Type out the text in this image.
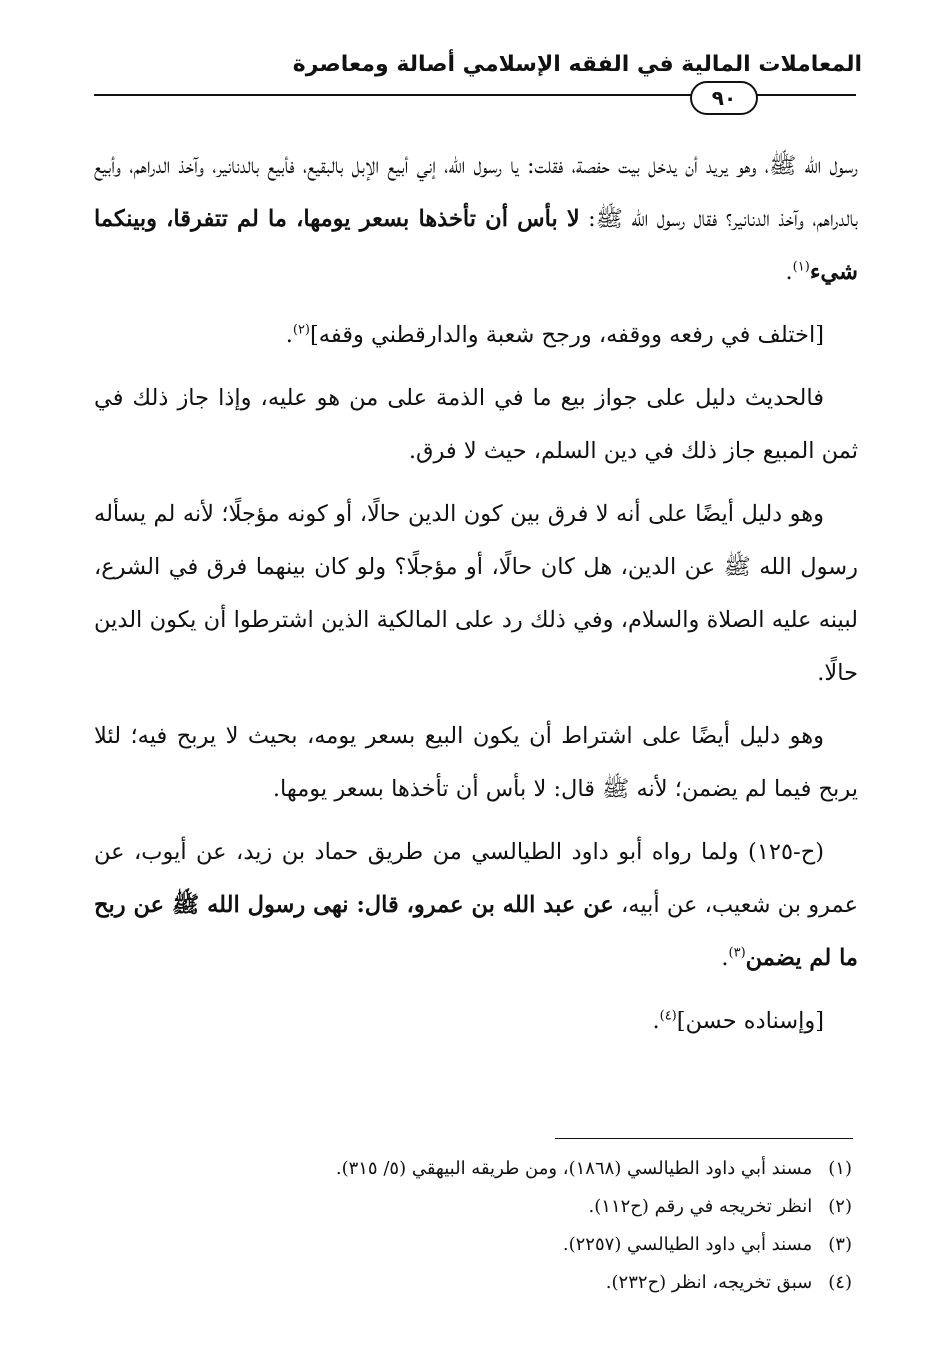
المعاملات المالية في الفقه الإسلامي أصالة ومعاصرة
٩٠

رسول الله ﷺ، وهو يريد أن يدخل بيت حفصة، فقلت: يا رسول الله، إني أبيع الإبل بالبقيع، فأبيع بالدنانير، وآخذ الدراهم، وأبيع بالدراهم، وآخذ الدنانير؟ فقال رسول الله ﷺ: لا بأس أن تأخذها بسعر يومها، ما لم تتفرقا، وبينكما شيء$^{(١)}$.

[اختلف في رفعه ووقفه، ورجح شعبة والدارقطني وقفه]$^{(٢)}$.

فالحديث دليل على جواز بيع ما في الذمة على من هو عليه، وإذا جاز ذلك في ثمن المبيع جاز ذلك في دين السلم، حيث لا فرق.

وهو دليل أيضًا على أنه لا فرق بين كون الدين حالًا، أو كونه مؤجلًا؛ لأنه لم يسأله رسول الله ﷺ عن الدين، هل كان حالًا، أو مؤجلًا؟ ولو كان بينهما فرق في الشرع، لبينه عليه الصلاة والسلام، وفي ذلك رد على المالكية الذين اشترطوا أن يكون الدين حالًا.

وهو دليل أيضًا على اشتراط أن يكون البيع بسعر يومه، بحيث لا يربح فيه؛ لئلا يربح فيما لم يضمن؛ لأنه ﷺ قال: لا بأس أن تأخذها بسعر يومها.

(ح-١٢٥) ولما رواه أبو داود الطيالسي من طريق حماد بن زيد، عن أيوب، عن عمرو بن شعيب، عن أبيه، عن عبد الله بن عمرو، قال: نهى رسول الله ﷺ عن ربح ما لم يضمن$^{(٣)}$.

[وإسناده حسن]$^{(٤)}$.

(١) مسند أبي داود الطيالسي (١٨٦٨)، ومن طريقه البيهقي (٥/ ٣١٥).
(٢) انظر تخريجه في رقم (ح١١٢).
(٣) مسند أبي داود الطيالسي (٢٢٥٧).
(٤) سبق تخريجه، انظر (ح٢٣٢).
